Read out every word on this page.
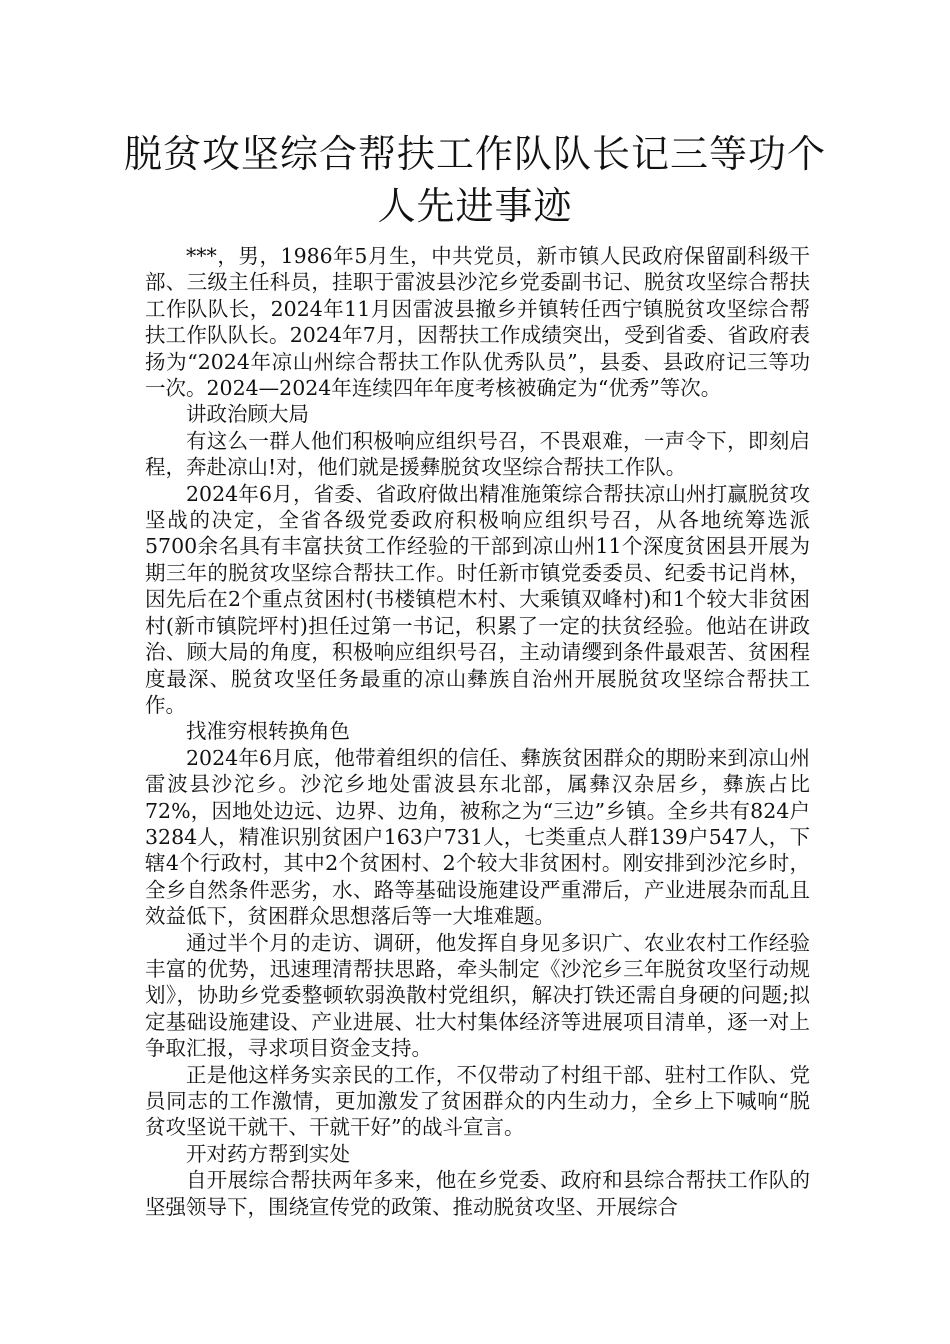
脱贫攻坚综合帮扶工作队队长记三等功个人先进事迹

***，男，1986年5月生，中共党员，新市镇人民政府保留副科级干部、三级主任科员，挂职于雷波县沙沱乡党委副书记、脱贫攻坚综合帮扶工作队队长，2024年11月因雷波县撤乡并镇转任西宁镇脱贫攻坚综合帮扶工作队队长。2024年7月，因帮扶工作成绩突出，受到省委、省政府表扬为“2024年凉山州综合帮扶工作队优秀队员”，县委、县政府记三等功一次。2024—2024年连续四年年度考核被确定为“优秀”等次。

讲政治顾大局

有这么一群人他们积极响应组织号召，不畏艰难，一声令下，即刻启程，奔赴凉山!对，他们就是援彝脱贫攻坚综合帮扶工作队。

2024年6月，省委、省政府做出精准施策综合帮扶凉山州打赢脱贫攻坚战的决定，全省各级党委政府积极响应组织号召，从各地统筹选派5700余名具有丰富扶贫工作经验的干部到凉山州11个深度贫困县开展为期三年的脱贫攻坚综合帮扶工作。时任新市镇党委委员、纪委书记肖林，因先后在2个重点贫困村(书楼镇桤木村、大乘镇双峰村)和1个较大非贫困村(新市镇院坪村)担任过第一书记，积累了一定的扶贫经验。他站在讲政治、顾大局的角度，积极响应组织号召，主动请缨到条件最艰苦、贫困程度最深、脱贫攻坚任务最重的凉山彝族自治州开展脱贫攻坚综合帮扶工作。

找准穷根转换角色

2024年6月底，他带着组织的信任、彝族贫困群众的期盼来到凉山州雷波县沙沱乡。沙沱乡地处雷波县东北部，属彝汉杂居乡，彝族占比72%，因地处边远、边界、边角，被称之为“三边”乡镇。全乡共有824户3284人，精准识别贫困户163户731人，七类重点人群139户547人，下辖4个行政村，其中2个贫困村、2个较大非贫困村。刚安排到沙沱乡时，全乡自然条件恶劣，水、路等基础设施建设严重滞后，产业进展杂而乱且效益低下，贫困群众思想落后等一大堆难题。

通过半个月的走访、调研，他发挥自身见多识广、农业农村工作经验丰富的优势，迅速理清帮扶思路，牵头制定《沙沱乡三年脱贫攻坚行动规划》，协助乡党委整顿软弱涣散村党组织，解决打铁还需自身硬的问题;拟定基础设施建设、产业进展、壮大村集体经济等进展项目清单，逐一对上争取汇报，寻求项目资金支持。

正是他这样务实亲民的工作，不仅带动了村组干部、驻村工作队、党员同志的工作激情，更加激发了贫困群众的内生动力，全乡上下喊响“脱贫攻坚说干就干、干就干好”的战斗宣言。

开对药方帮到实处

自开展综合帮扶两年多来，他在乡党委、政府和县综合帮扶工作队的坚强领导下，围绕宣传党的政策、推动脱贫攻坚、开展综合
